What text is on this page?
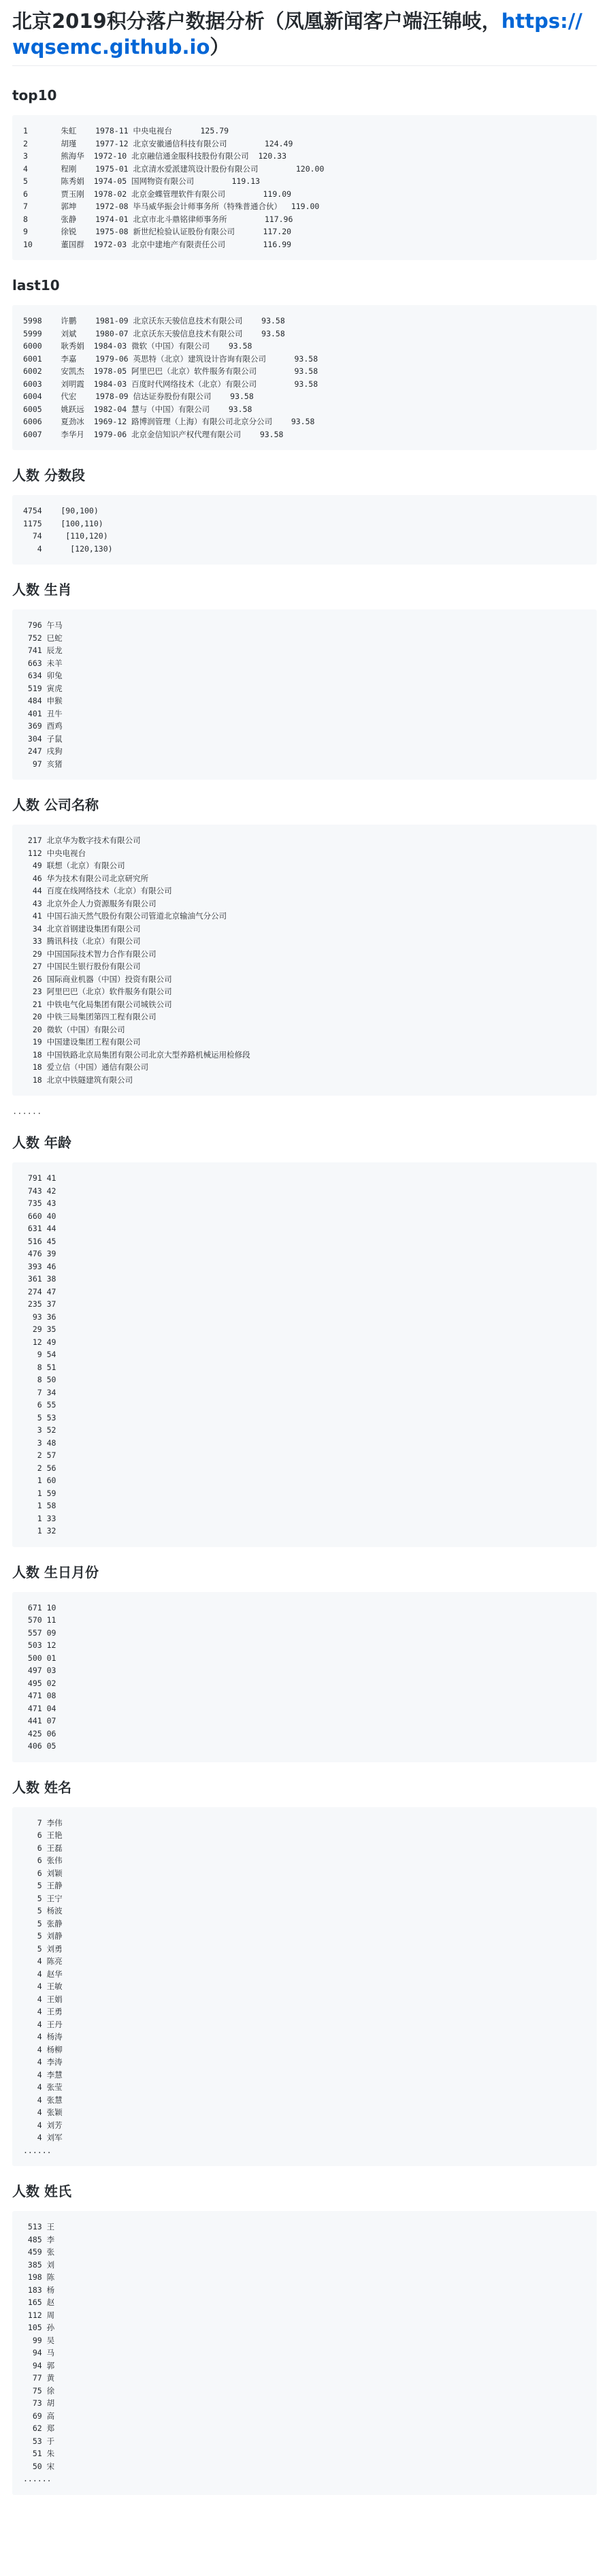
北京2019积分落户数据分析（凤凰新闻客户端汪锦岐，https://wqsemc.github.io）
top10
1       朱虹    1978-11 中央电视台      125.79
2       胡瑾    1977-12 北京安徽通信科技有限公司        124.49
3       熊海华  1972-10 北京融信通金服科技股份有限公司  120.33
4       程刚    1975-01 北京清水爱派建筑设计股份有限公司        120.00
5       陈秀娟  1974-05 国网物资有限公司        119.13
6       贾玉刚  1978-02 北京金蝶管理软件有限公司        119.09
7       郭坤    1972-08 毕马威华振会计师事务所（特殊普通合伙）  119.00
8       张静    1974-01 北京市北斗鼎铭律师事务所        117.96
9       徐锐    1975-08 新世纪检验认证股份有限公司      117.20
10      董国群  1972-03 北京中建地产有限责任公司        116.99
last10
5998    许鹏    1981-09 北京沃东天骏信息技术有限公司    93.58
5999    刘斌    1980-07 北京沃东天骏信息技术有限公司    93.58
6000    耿秀娟  1984-03 微软（中国）有限公司    93.58
6001    李嘉    1979-06 英思特（北京）建筑设计咨询有限公司      93.58
6002    安凯杰  1978-05 阿里巴巴（北京）软件服务有限公司        93.58
6003    刘明霞  1984-03 百度时代网络技术（北京）有限公司        93.58
6004    代宏    1978-09 信达证券股份有限公司    93.58
6005    姚跃远  1982-04 慧与（中国）有限公司    93.58
6006    夏劲冰  1969-12 路博润管理（上海）有限公司北京分公司    93.58
6007    李华月  1979-06 北京金信知识产权代理有限公司    93.58
人数 分数段
4754    [90,100)
1175    [100,110)
74     [110,120)
4      [120,130)
人数 生肖
796 午马
752 巳蛇
741 辰龙
663 未羊
634 卯兔
519 寅虎
484 申猴
401 丑牛
369 酉鸡
304 子鼠
247 戌狗
97 亥猪
人数 公司名称
217 北京华为数字技术有限公司
112 中央电视台
49 联想（北京）有限公司
46 华为技术有限公司北京研究所
44 百度在线网络技术（北京）有限公司
43 北京外企人力资源服务有限公司
41 中国石油天然气股份有限公司管道北京输油气分公司
34 北京首钢建设集团有限公司
33 腾讯科技（北京）有限公司
29 中国国际技术智力合作有限公司
27 中国民生银行股份有限公司
26 国际商业机器（中国）投资有限公司
23 阿里巴巴（北京）软件服务有限公司
21 中铁电气化局集团有限公司城铁公司
20 中铁三局集团第四工程有限公司
20 微软（中国）有限公司
19 中国建设集团工程有限公司
18 中国铁路北京局集团有限公司北京大型养路机械运用检修段
18 爱立信（中国）通信有限公司
18 北京中铁隧建筑有限公司
......
人数 年龄
791 41
743 42
735 43
660 40
631 44
516 45
476 39
393 46
361 38
274 47
235 37
93 36
29 35
12 49
9 54
8 51
8 50
7 34
6 55
5 53
3 52
3 48
2 57
2 56
1 60
1 59
1 58
1 33
1 32
人数 生日月份
671 10
570 11
557 09
503 12
500 01
497 03
495 02
471 08
471 04
441 07
425 06
406 05
人数 姓名
7 李伟
6 王艳
6 王磊
6 张伟
6 刘颖
5 王静
5 王宁
5 杨波
5 张静
5 刘静
5 刘勇
4 陈亮
4 赵华
4 王敏
4 王娟
4 王勇
4 王丹
4 杨涛
4 杨柳
4 李涛
4 李慧
4 张莹
4 张慧
4 张颖
4 刘芳
4 刘军
......
人数 姓氏
513 王
485 李
459 张
385 刘
198 陈
183 杨
165 赵
112 周
105 孙
99 吴
94 马
94 郭
77 黄
75 徐
73 胡
69 高
62 郑
53 于
51 朱
50 宋
......
